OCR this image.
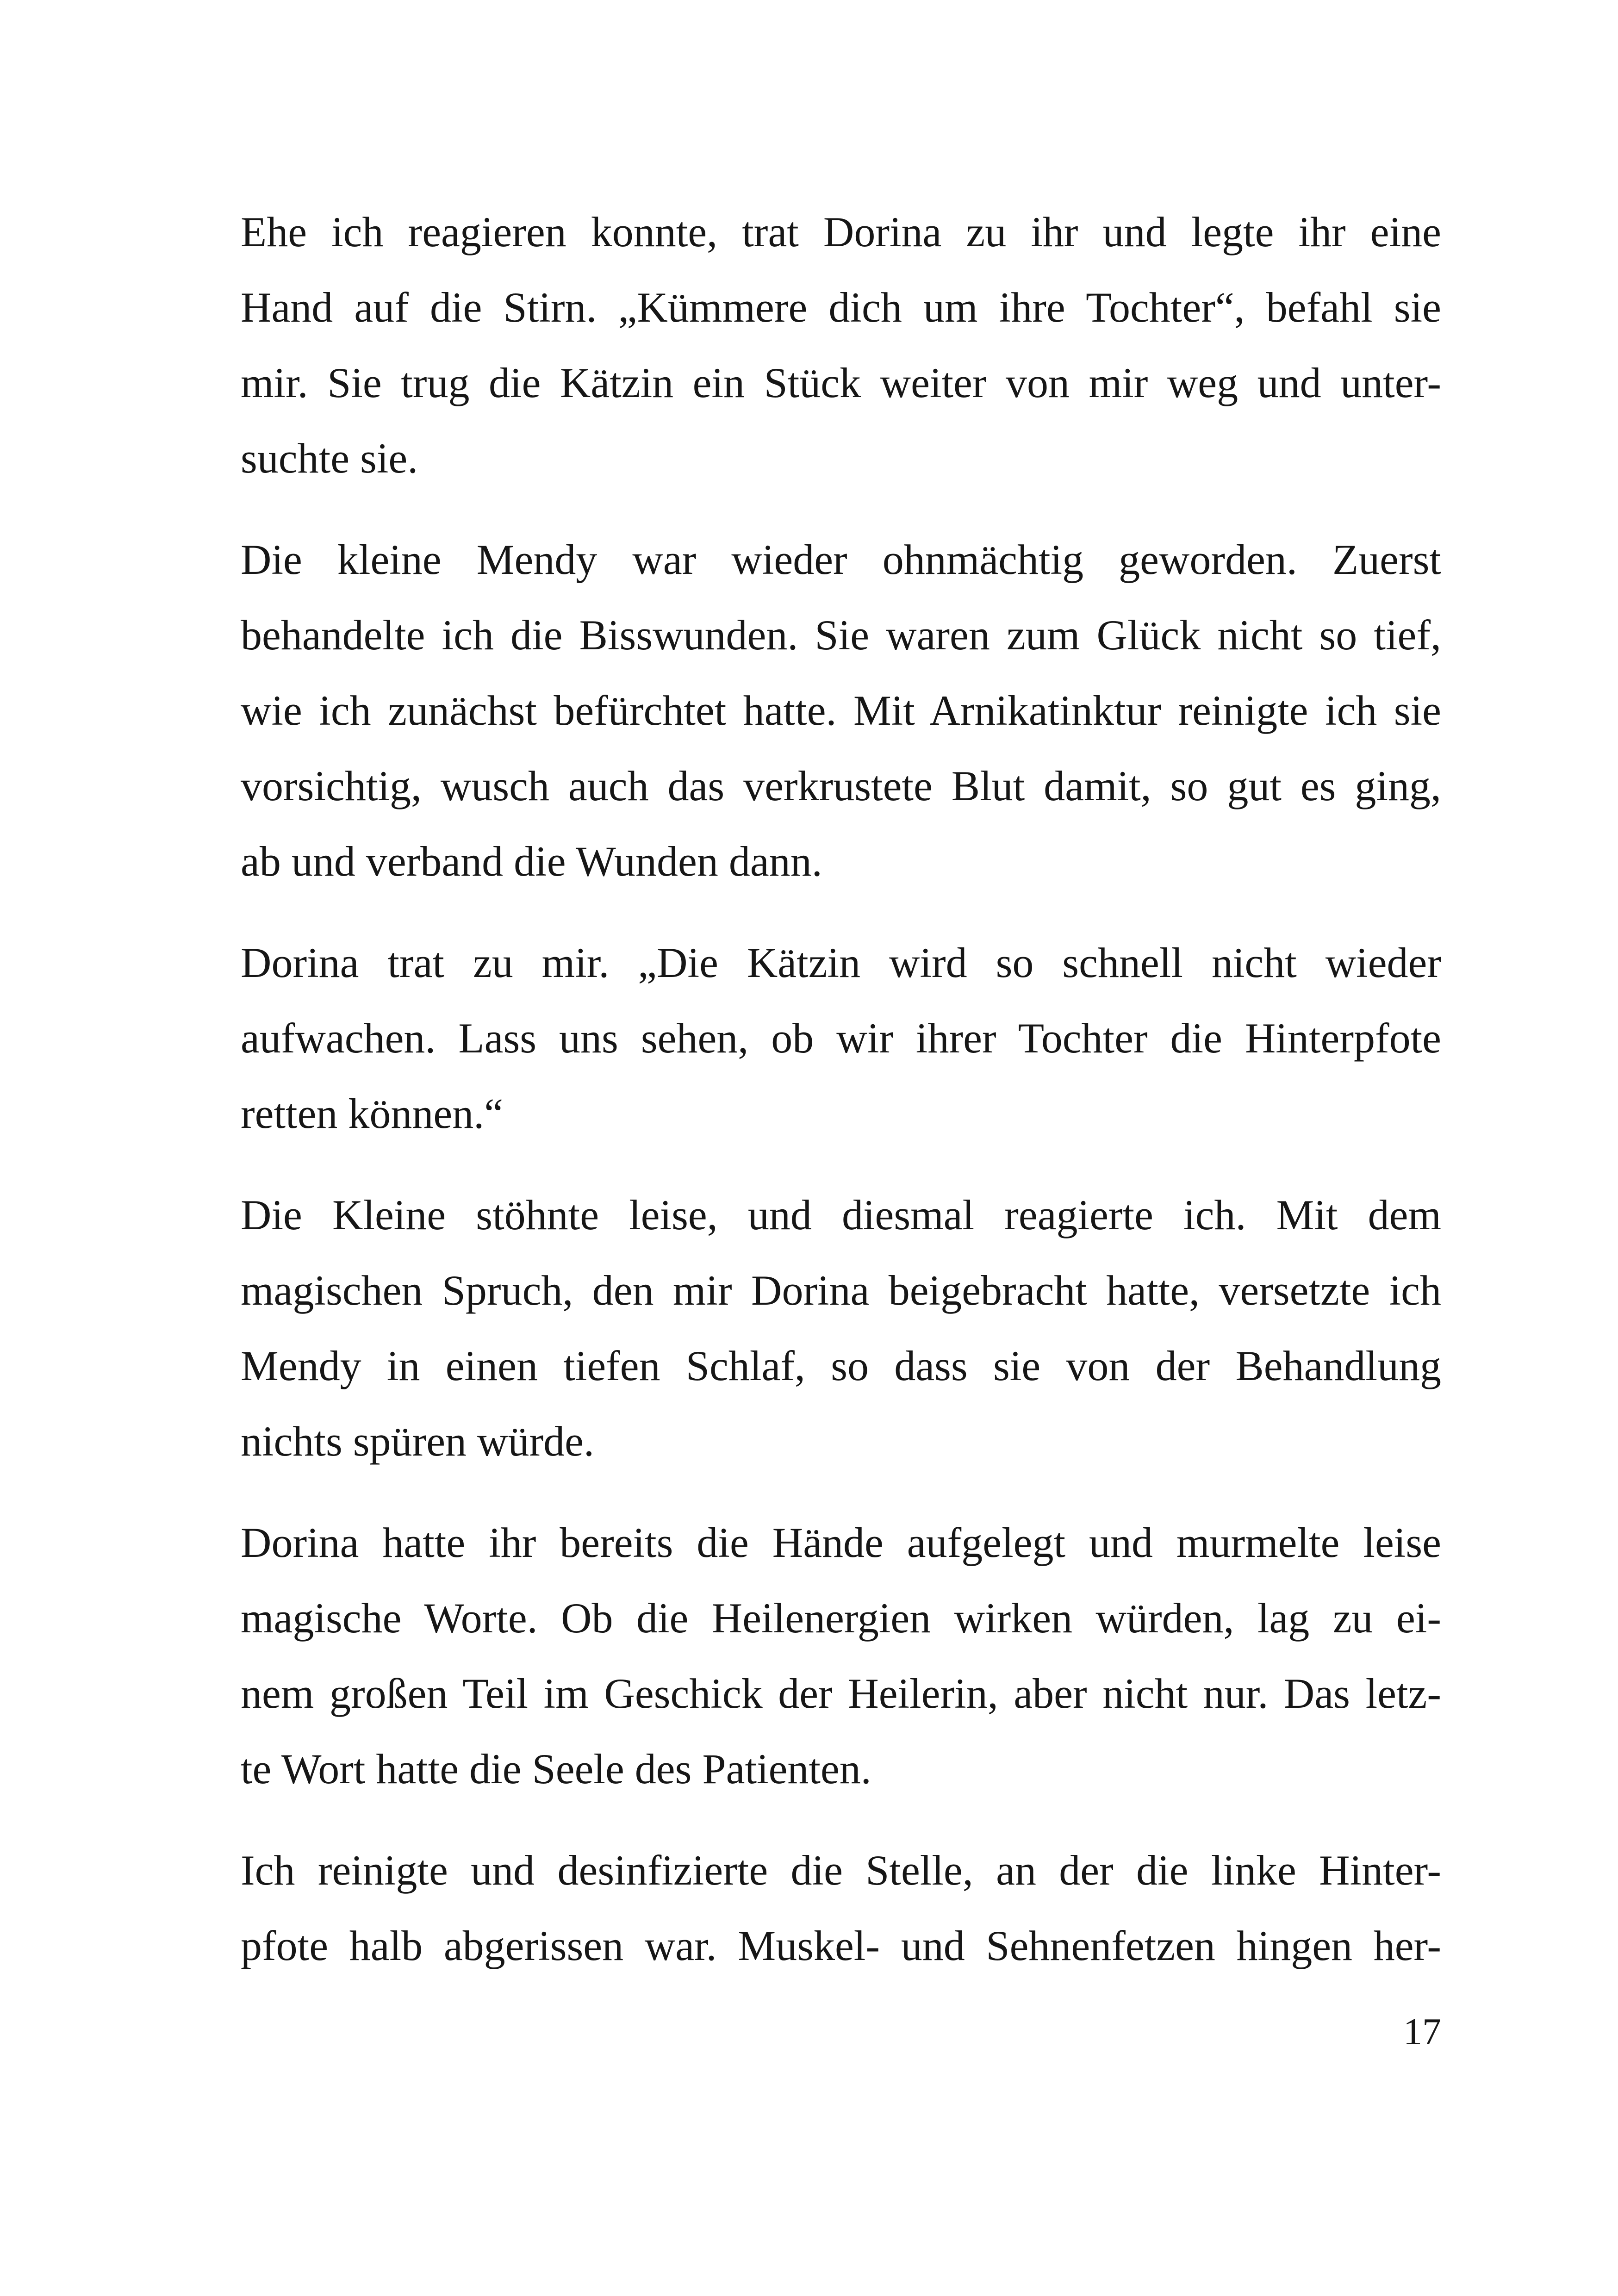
Ehe ich reagieren konnte, trat Dorina zu ihr und legte ihr eine
Hand auf die Stirn. „Kümmere dich um ihre Tochter“, befahl sie
mir. Sie trug die Kätzin ein Stück weiter von mir weg und unter-
suchte sie.

Die kleine Mendy war wieder ohnmächtig geworden. Zuerst
behandelte ich die Bisswunden. Sie waren zum Glück nicht so tief,
wie ich zunächst befürchtet hatte. Mit Arnikatinktur reinigte ich sie
vorsichtig, wusch auch das verkrustete Blut damit, so gut es ging,
ab und verband die Wunden dann.

Dorina trat zu mir. „Die Kätzin wird so schnell nicht wieder
aufwachen. Lass uns sehen, ob wir ihrer Tochter die Hinterpfote
retten können.“

Die Kleine stöhnte leise, und diesmal reagierte ich. Mit dem
magischen Spruch, den mir Dorina beigebracht hatte, versetzte ich
Mendy in einen tiefen Schlaf, so dass sie von der Behandlung
nichts spüren würde.

Dorina hatte ihr bereits die Hände aufgelegt und murmelte leise
magische Worte. Ob die Heilenergien wirken würden, lag zu ei-
nem großen Teil im Geschick der Heilerin, aber nicht nur. Das letz-
te Wort hatte die Seele des Patienten.

Ich reinigte und desinfizierte die Stelle, an der die linke Hinter-
pfote halb abgerissen war. Muskel- und Sehnenfetzen hingen her-

17
